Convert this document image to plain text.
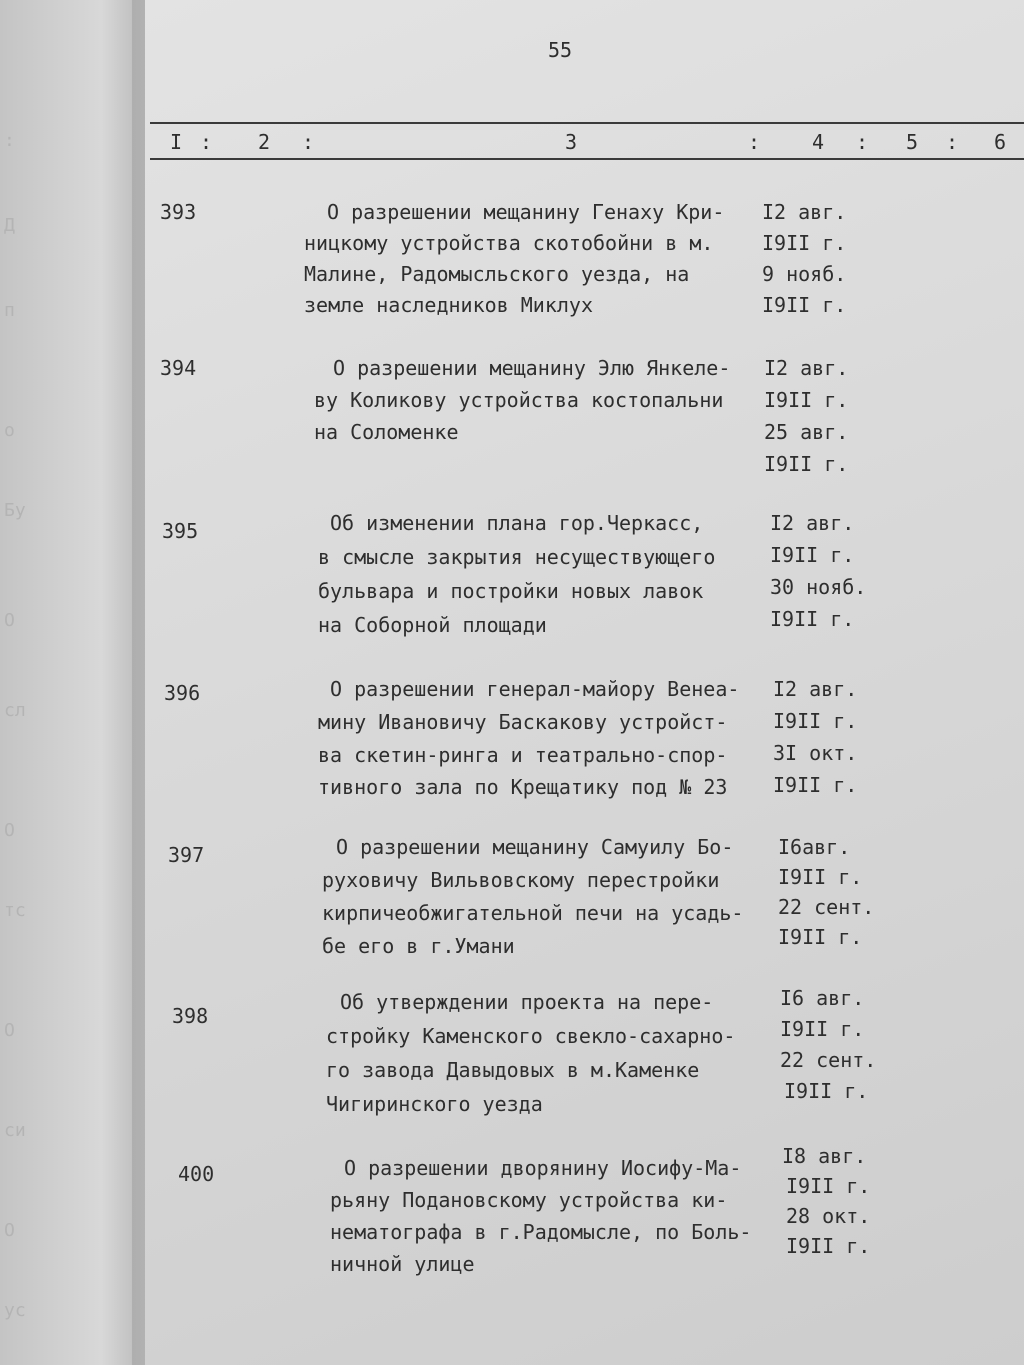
:
Д
п
о
Бу
О
сл
О
тс
О
си
О
ус
55
I : 2 :	3	:	4 : 5 : 6
393	О разрешении мещанину Генаху Кри-
ницкому устройства скотобойни в м.
Малине, Радомысльского уезда, на
земле наследников Миклух
I2 авг.
I9II г.
9 нояб.
I9II г.
394	О разрешении мещанину Элю Янкеле-
ву Коликову устройства костопальни
на Соломенке
I2 авг.
I9II г.
25 авг.
I9II г.
395	Об изменении плана гор.Черкасс,
в смысле закрытия несуществующего
бульвара и постройки новых лавок
на Соборной площади
I2 авг.
I9II г.
30 нояб.
I9II г.
396	О разрешении генерал-майору Венеа-
мину Ивановичу Баскакову устройст-
ва скетин-ринга и театрально-спор-
тивного зала по Крещатику под № 23
I2 авг.
I9II г.
3I окт.
I9II г.
397	О разрешении мещанину Самуилу Бо-
руховичу Вильвовскому перестройки
кирпичеобжигательной печи на усадь-
бе его в г.Умани
I6авг.
I9II г.
22 сент.
I9II г.
398
Об утверждении проекта на пере-
стройку Каменского свекло-сахарно-
го завода Давыдовых в м.Каменке
Чигиринского уезда
I6 авг.
I9II г.
22 сент.
I9II г.
400	О разрешении дворянину Иосифу-Ма-
рьяну Подановскому устройства ки-
нематографа в г.Радомысле, по Боль-
ничной улице
I8 авг.
I9II г.
28 окт.
I9II г.
